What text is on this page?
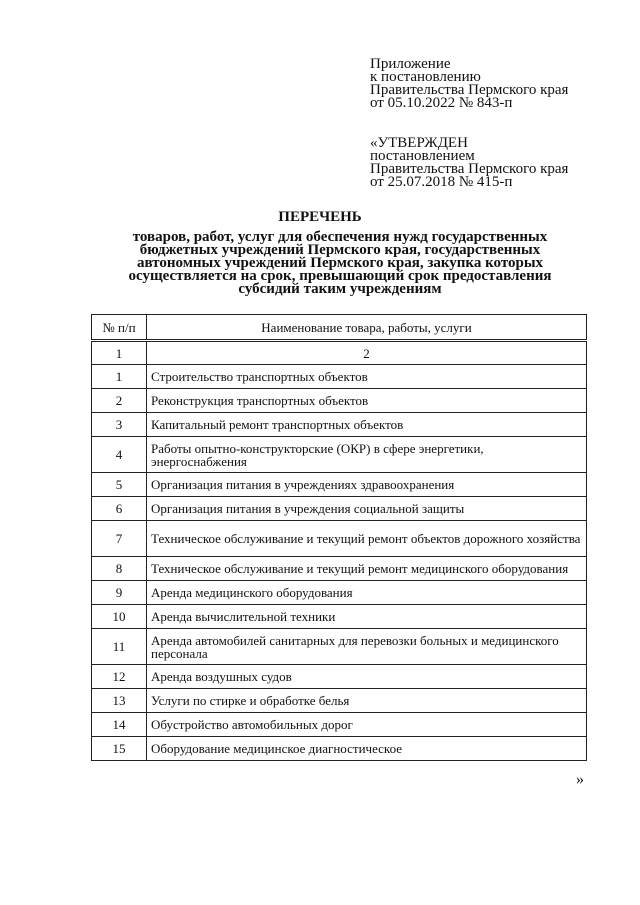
Приложение
к постановлению
Правительства Пермского края
от 05.10.2022 № 843-п
«УТВЕРЖДЕН
постановлением
Правительства Пермского края
от 25.07.2018 № 415-п
ПЕРЕЧЕНЬ
товаров, работ, услуг для обеспечения нужд государственных
бюджетных учреждений Пермского края, государственных
автономных учреждений Пермского края, закупка которых
осуществляется на срок, превышающий срок предоставления
субсидий таким учреждениям
№ п/п	Наименование товара, работы, услуги
1	2
1	Строительство транспортных объектов
2	Реконструкция транспортных объектов
3	Капитальный ремонт транспортных объектов
4	Работы опытно-конструкторские (ОКР) в сфере энергетики, энергоснабжения
5	Организация питания в учреждениях здравоохранения
6	Организация питания в учреждения социальной защиты
7	Техническое обслуживание и текущий ремонт объектов дорожного хозяйства
8	Техническое обслуживание и текущий ремонт медицинского оборудования
9	Аренда медицинского оборудования
10	Аренда вычислительной техники
11	Аренда автомобилей санитарных для перевозки больных и медицинского персонала
12	Аренда воздушных судов
13	Услуги по стирке и обработке белья
14	Обустройство автомобильных дорог
15	Оборудование медицинское диагностическое
»
